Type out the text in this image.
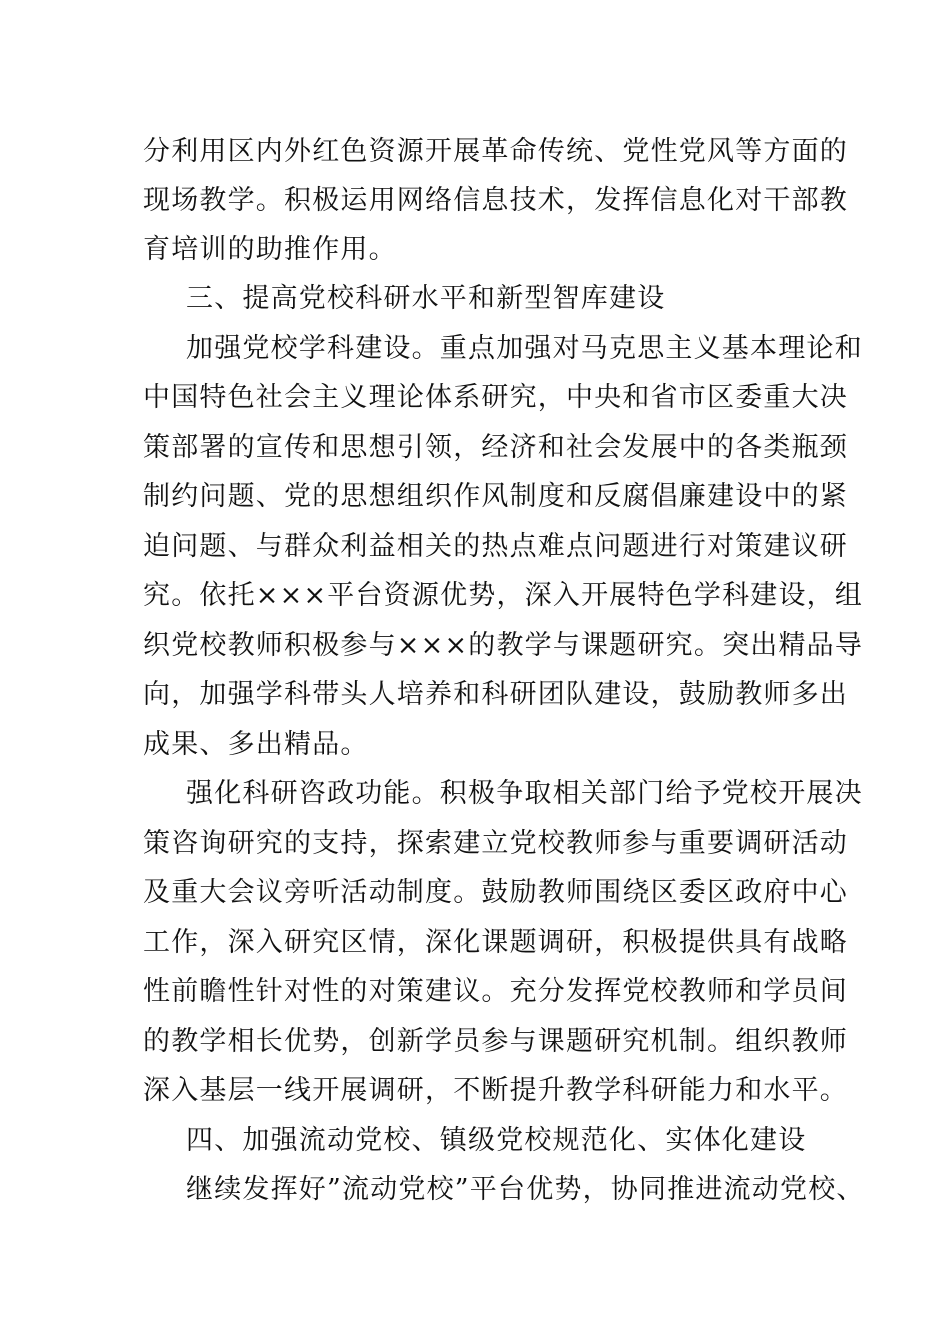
分利用区内外红色资源开展革命传统、党性党风等方面的
现场教学。积极运用网络信息技术，发挥信息化对干部教
育培训的助推作用。
三、提高党校科研水平和新型智库建设
加强党校学科建设。重点加强对马克思主义基本理论和
中国特色社会主义理论体系研究，中央和省市区委重大决
策部署的宣传和思想引领，经济和社会发展中的各类瓶颈
制约问题、党的思想组织作风制度和反腐倡廉建设中的紧
迫问题、与群众利益相关的热点难点问题进行对策建议研
究。依托×××平台资源优势，深入开展特色学科建设，组
织党校教师积极参与×××的教学与课题研究。突出精品导
向，加强学科带头人培养和科研团队建设，鼓励教师多出
成果、多出精品。
强化科研咨政功能。积极争取相关部门给予党校开展决
策咨询研究的支持，探索建立党校教师参与重要调研活动
及重大会议旁听活动制度。鼓励教师围绕区委区政府中心
工作，深入研究区情，深化课题调研，积极提供具有战略
性前瞻性针对性的对策建议。充分发挥党校教师和学员间
的教学相长优势，创新学员参与课题研究机制。组织教师
深入基层一线开展调研，不断提升教学科研能力和水平。
四、加强流动党校、镇级党校规范化、实体化建设
继续发挥好”流动党校”平台优势，协同推进流动党校、
